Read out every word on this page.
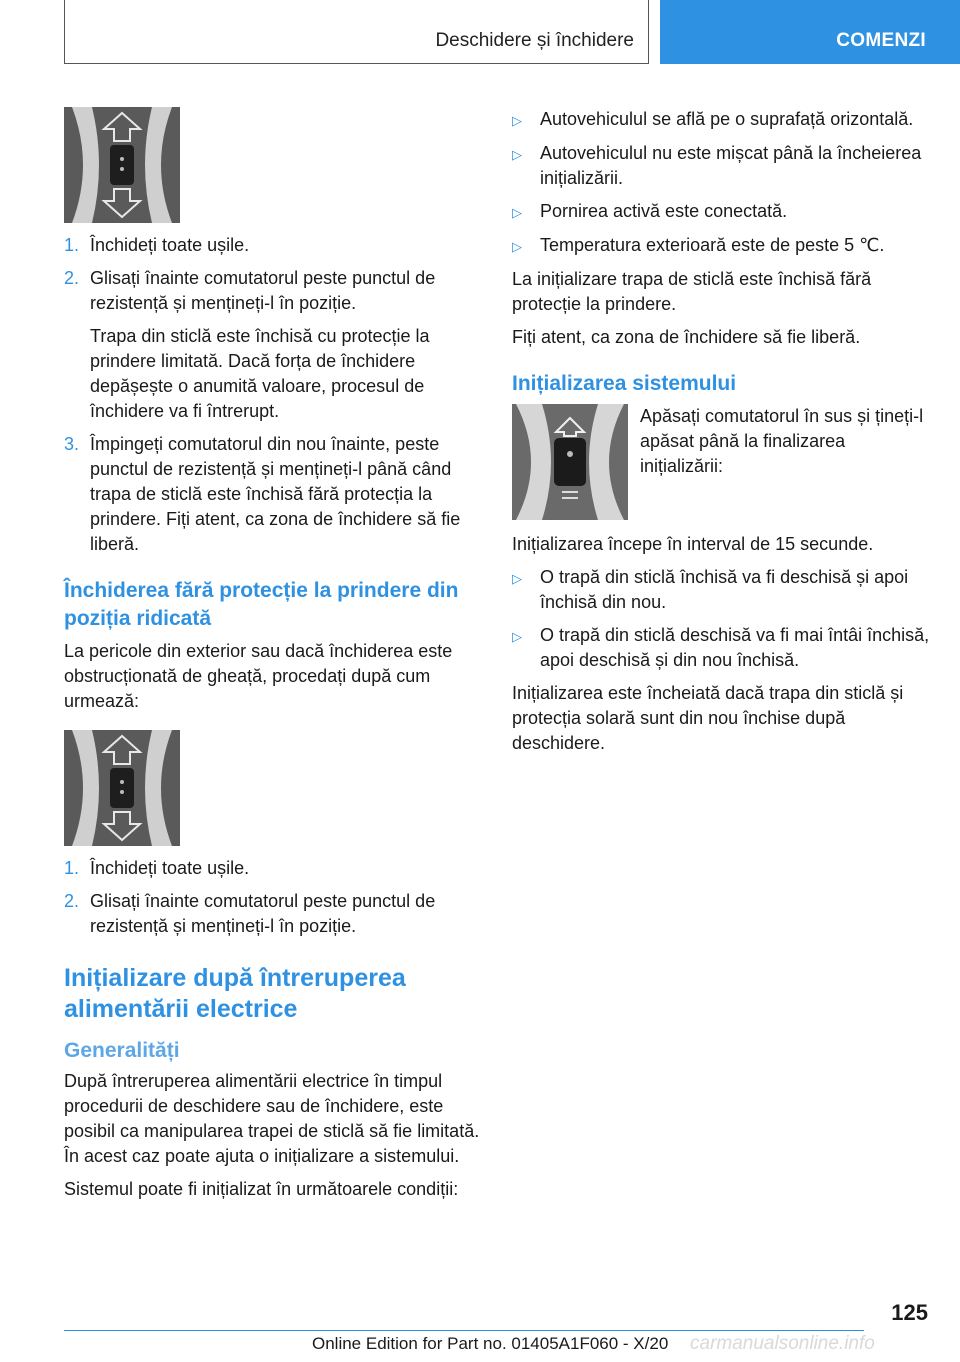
Deschidere și închidere	COMENZI
1. Închideți toate ușile.
2. Glisați înainte comutatorul peste punctul de rezistență și mențineți-l în poziție.

Trapa din sticlă este închisă cu protecție la prindere limitată. Dacă forța de închidere depășește o anumită valoare, procesul de închidere va fi întrerupt.

3. Împingeți comutatorul din nou înainte, peste punctul de rezistență și mențineți-l până când trapa de sticlă este închisă fără protecția la prindere. Fiți atent, ca zona de închidere să fie liberă.
Închiderea fără protecție la prindere din poziția ridicată

La pericole din exterior sau dacă închiderea este obstrucționată de gheață, procedați după cum urmează:

1. Închideți toate ușile.
2. Glisați înainte comutatorul peste punctul de rezistență și mențineți-l în poziție.
Inițializare după întreruperea alimentării electrice
Generalități

După întreruperea alimentării electrice în timpul procedurii de deschidere sau de închidere, este posibil ca manipularea trapei de sticlă să fie limitată. În acest caz poate ajuta o inițializare a sistemului.

Sistemul poate fi inițializat în următoarele condiții:

▷	Autovehiculul se află pe o suprafață orizontală.
▷	Autovehiculul nu este mișcat până la încheierea inițializării.
▷	Pornirea activă este conectată.
▷	Temperatura exterioară este de peste 5 ℃.

La inițializare trapa de sticlă este închisă fără protecție la prindere.

Fiți atent, ca zona de închidere să fie liberă.

Inițializarea sistemului

Apăsați comutatorul în sus și țineți-l apăsat până la finalizarea inițializării:

Inițializarea începe în interval de 15 secunde.

▷	O trapă din sticlă închisă va fi deschisă și apoi închisă din nou.
▷	O trapă din sticlă deschisă va fi mai întâi închisă, apoi deschisă și din nou închisă.

Inițializarea este încheiată dacă trapa din sticlă și protecția solară sunt din nou închise după deschidere.

125
Online Edition for Part no. 01405A1F060 - X/20 carmanualsonline.info
